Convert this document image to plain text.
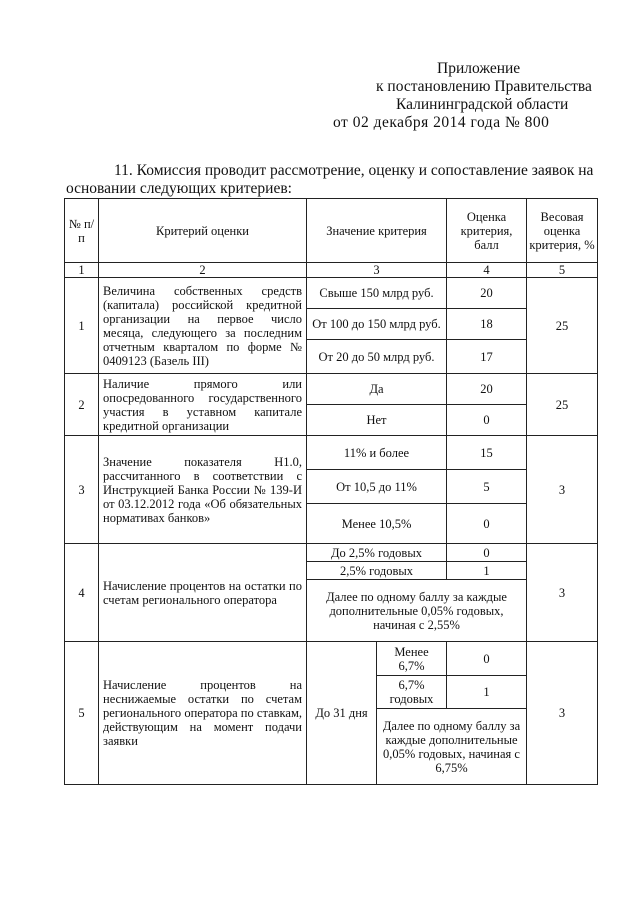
Приложение
к постановлению Правительства
Калининградской области
от 02 декабря 2014 года № 800
11. Комиссия проводит рассмотрение, оценку и сопоставление заявок на
основании следующих критериев:
№ п/п	Критерий оценки	Значение критерия		Оценка критерия, балл	Весовая оценка критерия, %
1	2	3		4	5
1	Величина собственных средств (капитала) российской кредитной организации на первое число месяца, следующего за последним отчетным кварталом по форме № 0409123 (Базель III)	Свыше 150 млрд руб.		20	25
		От 100 до 150 млрд руб.		18	
		От 20 до 50 млрд руб.		17	
2	Наличие прямого или опосредованного государственного участия в уставном капитале кредитной организации	Да		20	25
		Нет		0	
3	Значение показателя Н1.0, рассчитанного в соответствии с Инструкцией Банка России № 139-И от 03.12.2012 года «Об обязательных нормативах банков»	11% и более		15	3
		От 10,5 до 11%		5	
		Менее 10,5%		0	
4	Начисление процентов на остатки по счетам регионального оператора	До 2,5% годовых		0	3
		2,5% годовых		1	
		Далее по одному баллу за каждые дополнительные 0,05% годовых, начиная с 2,55%			
5	Начисление процентов на неснижаемые остатки по счетам регионального оператора по ставкам, действующим на момент подачи заявки	До 31 дня	Менее 6,7%	0	3
			6,7% годовых	1	
			Далее по одному баллу за каждые дополнительные 0,05% годовых, начиная с 6,75%		
